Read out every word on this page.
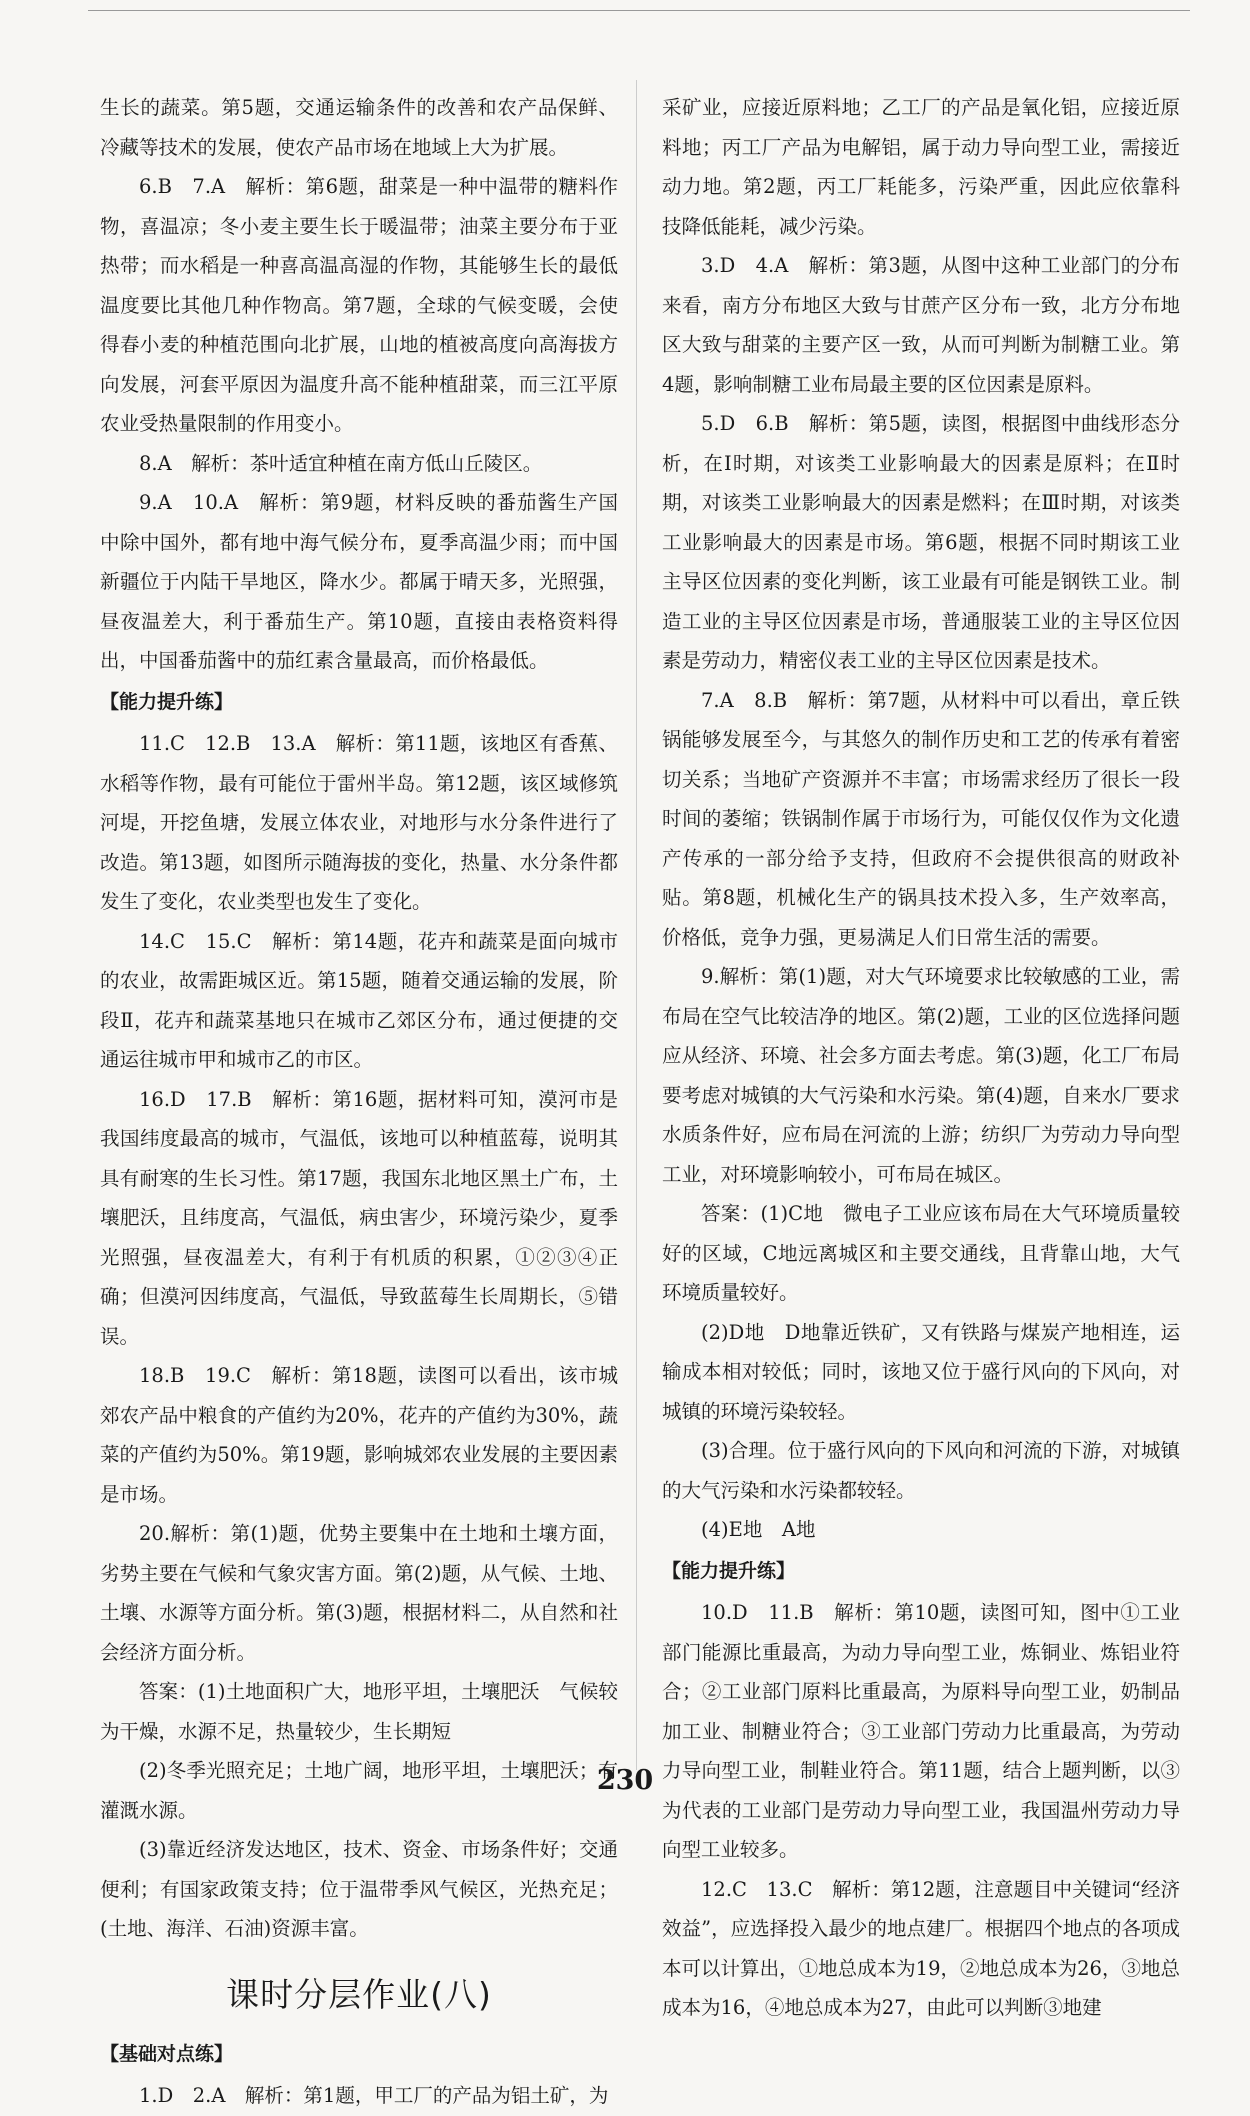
生长的蔬菜。第5题，交通运输条件的改善和农产品保鲜、冷藏等技术的发展，使农产品市场在地域上大为扩展。

6.B　7.A　解析：第6题，甜菜是一种中温带的糖料作物，喜温凉；冬小麦主要生长于暖温带；油菜主要分布于亚热带；而水稻是一种喜高温高湿的作物，其能够生长的最低温度要比其他几种作物高。第7题，全球的气候变暖，会使得春小麦的种植范围向北扩展，山地的植被高度向高海拔方向发展，河套平原因为温度升高不能种植甜菜，而三江平原农业受热量限制的作用变小。

8.A　解析：茶叶适宜种植在南方低山丘陵区。

9.A　10.A　解析：第9题，材料反映的番茄酱生产国中除中国外，都有地中海气候分布，夏季高温少雨；而中国新疆位于内陆干旱地区，降水少。都属于晴天多，光照强，昼夜温差大，利于番茄生产。第10题，直接由表格资料得出，中国番茄酱中的茄红素含量最高，而价格最低。

【能力提升练】

11.C　12.B　13.A　解析：第11题，该地区有香蕉、水稻等作物，最有可能位于雷州半岛。第12题，该区域修筑河堤，开挖鱼塘，发展立体农业，对地形与水分条件进行了改造。第13题，如图所示随海拔的变化，热量、水分条件都发生了变化，农业类型也发生了变化。

14.C　15.C　解析：第14题，花卉和蔬菜是面向城市的农业，故需距城区近。第15题，随着交通运输的发展，阶段Ⅱ，花卉和蔬菜基地只在城市乙郊区分布，通过便捷的交通运往城市甲和城市乙的市区。

16.D　17.B　解析：第16题，据材料可知，漠河市是我国纬度最高的城市，气温低，该地可以种植蓝莓，说明其具有耐寒的生长习性。第17题，我国东北地区黑土广布，土壤肥沃，且纬度高，气温低，病虫害少，环境污染少，夏季光照强，昼夜温差大，有利于有机质的积累，①②③④正确；但漠河因纬度高，气温低，导致蓝莓生长周期长，⑤错误。

18.B　19.C　解析：第18题，读图可以看出，该市城郊农产品中粮食的产值约为20%，花卉的产值约为30%，蔬菜的产值约为50%。第19题，影响城郊农业发展的主要因素是市场。

20.解析：第(1)题，优势主要集中在土地和土壤方面，劣势主要在气候和气象灾害方面。第(2)题，从气候、土地、土壤、水源等方面分析。第(3)题，根据材料二，从自然和社会经济方面分析。

答案：(1)土地面积广大，地形平坦，土壤肥沃　气候较为干燥，水源不足，热量较少，生长期短

(2)冬季光照充足；土地广阔，地形平坦，土壤肥沃；有灌溉水源。

(3)靠近经济发达地区，技术、资金、市场条件好；交通便利；有国家政策支持；位于温带季风气候区，光热充足；(土地、海洋、石油)资源丰富。

课时分层作业(八)
【基础对点练】

1.D　2.A　解析：第1题，甲工厂的产品为铝土矿，为

采矿业，应接近原料地；乙工厂的产品是氧化铝，应接近原料地；丙工厂产品为电解铝，属于动力导向型工业，需接近动力地。第2题，丙工厂耗能多，污染严重，因此应依靠科技降低能耗，减少污染。

3.D　4.A　解析：第3题，从图中这种工业部门的分布来看，南方分布地区大致与甘蔗产区分布一致，北方分布地区大致与甜菜的主要产区一致，从而可判断为制糖工业。第4题，影响制糖工业布局最主要的区位因素是原料。

5.D　6.B　解析：第5题，读图，根据图中曲线形态分析，在Ⅰ时期，对该类工业影响最大的因素是原料；在Ⅱ时期，对该类工业影响最大的因素是燃料；在Ⅲ时期，对该类工业影响最大的因素是市场。第6题，根据不同时期该工业主导区位因素的变化判断，该工业最有可能是钢铁工业。制造工业的主导区位因素是市场，普通服装工业的主导区位因素是劳动力，精密仪表工业的主导区位因素是技术。

7.A　8.B　解析：第7题，从材料中可以看出，章丘铁锅能够发展至今，与其悠久的制作历史和工艺的传承有着密切关系；当地矿产资源并不丰富；市场需求经历了很长一段时间的萎缩；铁锅制作属于市场行为，可能仅仅作为文化遗产传承的一部分给予支持，但政府不会提供很高的财政补贴。第8题，机械化生产的锅具技术投入多，生产效率高，价格低，竞争力强，更易满足人们日常生活的需要。

9.解析：第(1)题，对大气环境要求比较敏感的工业，需布局在空气比较洁净的地区。第(2)题，工业的区位选择问题应从经济、环境、社会多方面去考虑。第(3)题，化工厂布局要考虑对城镇的大气污染和水污染。第(4)题，自来水厂要求水质条件好，应布局在河流的上游；纺织厂为劳动力导向型工业，对环境影响较小，可布局在城区。

答案：(1)C地　微电子工业应该布局在大气环境质量较好的区域，C地远离城区和主要交通线，且背靠山地，大气环境质量较好。

(2)D地　D地靠近铁矿，又有铁路与煤炭产地相连，运输成本相对较低；同时，该地又位于盛行风向的下风向，对城镇的环境污染较轻。

(3)合理。位于盛行风向的下风向和河流的下游，对城镇的大气污染和水污染都较轻。

(4)E地　A地

【能力提升练】

10.D　11.B　解析：第10题，读图可知，图中①工业部门能源比重最高，为动力导向型工业，炼铜业、炼铝业符合；②工业部门原料比重最高，为原料导向型工业，奶制品加工业、制糖业符合；③工业部门劳动力比重最高，为劳动力导向型工业，制鞋业符合。第11题，结合上题判断，以③为代表的工业部门是劳动力导向型工业，我国温州劳动力导向型工业较多。

12.C　13.C　解析：第12题，注意题目中关键词“经济效益”，应选择投入最少的地点建厂。根据四个地点的各项成本可以计算出，①地总成本为19，②地总成本为26，③地总成本为16，④地总成本为27，由此可以判断③地建

230
